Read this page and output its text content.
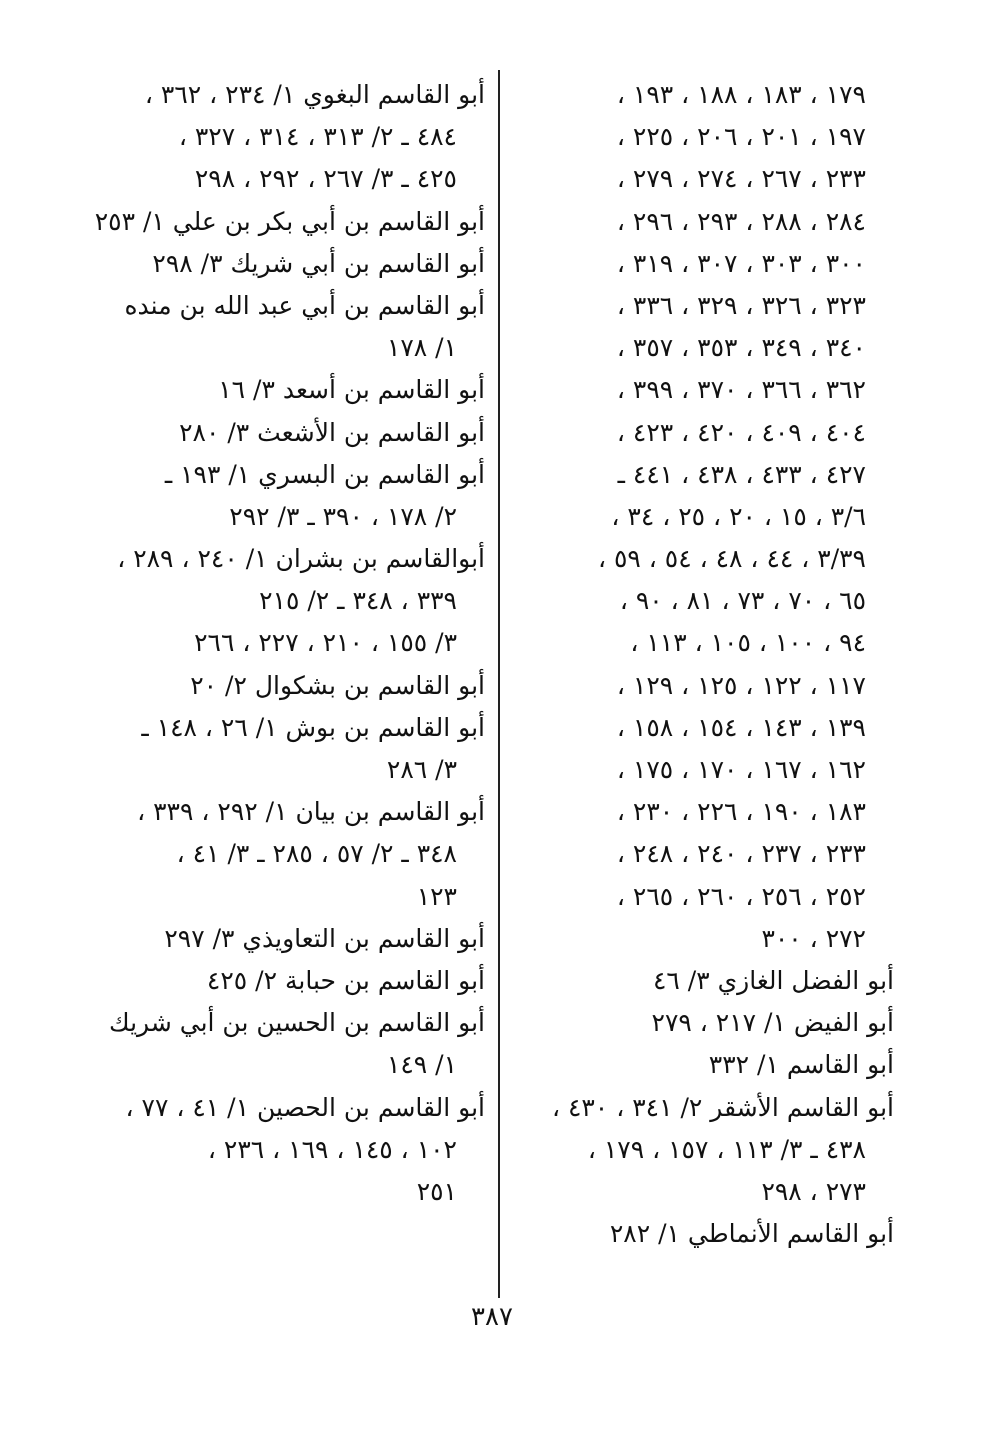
١٧٩ ، ١٨٣ ، ١٨٨ ، ١٩٣ ،
١٩٧ ، ٢٠١ ، ٢٠٦ ، ٢٢٥ ،
٢٣٣ ، ٢٦٧ ، ٢٧٤ ، ٢٧٩ ،
٢٨٤ ، ٢٨٨ ، ٢٩٣ ، ٢٩٦ ،
٣٠٠ ، ٣٠٣ ، ٣٠٧ ، ٣١٩ ،
٣٢٣ ، ٣٢٦ ، ٣٢٩ ، ٣٣٦ ،
٣٤٠ ، ٣٤٩ ، ٣٥٣ ، ٣٥٧ ،
٣٦٢ ، ٣٦٦ ، ٣٧٠ ، ٣٩٩ ،
٤٠٤ ، ٤٠٩ ، ٤٢٠ ، ٤٢٣ ،
٤٢٧ ، ٤٣٣ ، ٤٣٨ ، ٤٤١ ـ
٣/٦ ، ١٥ ، ٢٠ ، ٢٥ ، ٣٤ ،
٣/٣٩ ، ٤٤ ، ٤٨ ، ٥٤ ، ٥٩ ،
٦٥ ، ٧٠ ، ٧٣ ، ٨١ ، ٩٠ ،
٩٤ ، ١٠٠ ، ١٠٥ ، ١١٣ ،
١١٧ ، ١٢٢ ، ١٢٥ ، ١٢٩ ،
١٣٩ ، ١٤٣ ، ١٥٤ ، ١٥٨ ،
١٦٢ ، ١٦٧ ، ١٧٠ ، ١٧٥ ،
١٨٣ ، ١٩٠ ، ٢٢٦ ، ٢٣٠ ،
٢٣٣ ، ٢٣٧ ، ٢٤٠ ، ٢٤٨ ،
٢٥٢ ، ٢٥٦ ، ٢٦٠ ، ٢٦٥ ،
٢٧٢ ، ٣٠٠
أبو الفضل الغازي ٣/ ٤٦
أبو الفيض ١/ ٢١٧ ، ٢٧٩
أبو القاسم ١/ ٣٣٢
أبو القاسم الأشقر ٢/ ٣٤١ ، ٤٣٠ ،
٤٣٨ ـ ٣/ ١١٣ ، ١٥٧ ، ١٧٩ ،
٢٧٣ ، ٢٩٨
أبو القاسم الأنماطي ١/ ٢٨٢
أبو القاسم البغوي ١/ ٢٣٤ ، ٣٦٢ ،
٤٨٤ ـ ٢/ ٣١٣ ، ٣١٤ ، ٣٢٧ ،
٤٢٥ ـ ٣/ ٢٦٧ ، ٢٩٢ ، ٢٩٨
أبو القاسم بن أبي بكر بن علي ١/ ٢٥٣
أبو القاسم بن أبي شريك ٣/ ٢٩٨
أبو القاسم بن أبي عبد الله بن منده
١/ ١٧٨
أبو القاسم بن أسعد ٣/ ١٦
أبو القاسم بن الأشعث ٣/ ٢٨٠
أبو القاسم بن البسري ١/ ١٩٣ ـ
٢/ ١٧٨ ، ٣٩٠ ـ ٣/ ٢٩٢
أبوالقاسم بن بشران ١/ ٢٤٠ ، ٢٨٩ ،
٣٣٩ ، ٣٤٨ ـ ٢/ ٢١٥
٣/ ١٥٥ ، ٢١٠ ، ٢٢٧ ، ٢٦٦
أبو القاسم بن بشكوال ٢/ ٢٠
أبو القاسم بن بوش ١/ ٢٦ ، ١٤٨ ـ
٣/ ٢٨٦
أبو القاسم بن بيان ١/ ٢٩٢ ، ٣٣٩ ،
٣٤٨ ـ ٢/ ٥٧ ، ٢٨٥ ـ ٣/ ٤١ ،
١٢٣
أبو القاسم بن التعاويذي ٣/ ٢٩٧
أبو القاسم بن حبابة ٢/ ٤٢٥
أبو القاسم بن الحسين بن أبي شريك
١/ ١٤٩
أبو القاسم بن الحصين ١/ ٤١ ، ٧٧ ،
١٠٢ ، ١٤٥ ، ١٦٩ ، ٢٣٦ ،
٢٥١
٣٨٧
